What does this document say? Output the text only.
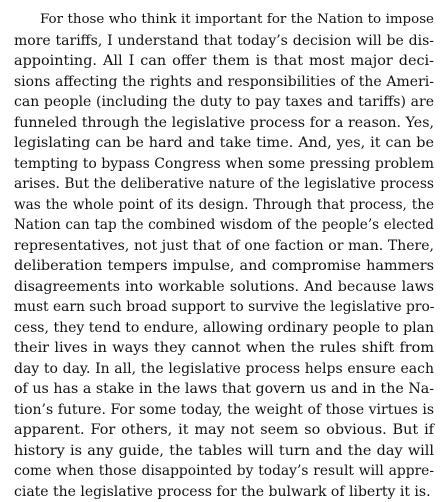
For those who think it important for the Nation to impose
more tariffs, I understand that today’s decision will be dis-
appointing. All I can offer them is that most major deci-
sions affecting the rights and responsibilities of the Ameri-
can people (including the duty to pay taxes and tariffs) are
funneled through the legislative process for a reason. Yes,
legislating can be hard and take time. And, yes, it can be
tempting to bypass Congress when some pressing problem
arises. But the deliberative nature of the legislative process
was the whole point of its design. Through that process, the
Nation can tap the combined wisdom of the people’s elected
representatives, not just that of one faction or man. There,
deliberation tempers impulse, and compromise hammers
disagreements into workable solutions. And because laws
must earn such broad support to survive the legislative pro-
cess, they tend to endure, allowing ordinary people to plan
their lives in ways they cannot when the rules shift from
day to day. In all, the legislative process helps ensure each
of us has a stake in the laws that govern us and in the Na-
tion’s future. For some today, the weight of those virtues is
apparent. For others, it may not seem so obvious. But if
history is any guide, the tables will turn and the day will
come when those disappointed by today’s result will appre-
ciate the legislative process for the bulwark of liberty it is.
